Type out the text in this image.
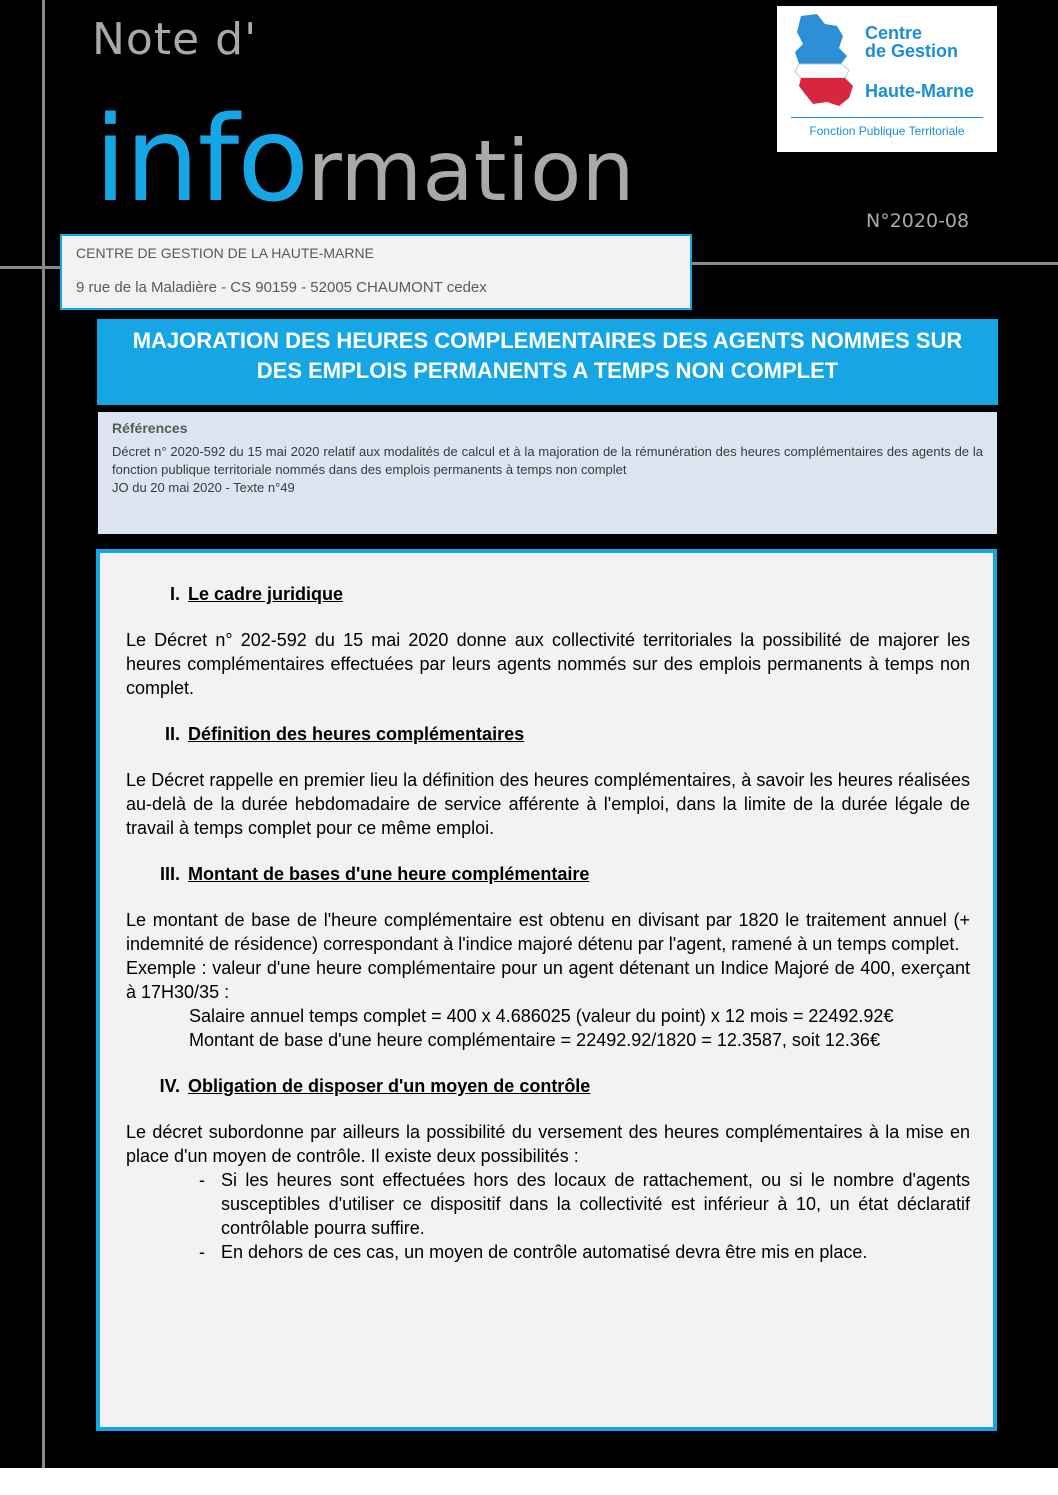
Note d'
information
N°2020-08
Centre
de Gestion
Haute-Marne
Fonction Publique Territoriale
CENTRE DE GESTION DE LA HAUTE-MARNE
9 rue de la Maladière - CS 90159 - 52005 CHAUMONT cedex
MAJORATION DES HEURES COMPLEMENTAIRES DES AGENTS NOMMES SUR
DES EMPLOIS PERMANENTS A TEMPS NON COMPLET
Références
Décret n° 2020-592 du 15 mai 2020 relatif aux modalités de calcul et à la majoration de la rémunération des heures complémentaires des agents de la fonction publique territoriale nommés dans des emplois permanents à temps non complet
JO du 20 mai 2020 - Texte n°49
I. Le cadre juridique
Le Décret n° 202-592 du 15 mai 2020 donne aux collectivité territoriales la possibilité de majorer les heures complémentaires effectuées par leurs agents nommés sur des emplois permanents à temps non complet.
II. Définition des heures complémentaires
Le Décret rappelle en premier lieu la définition des heures complémentaires, à savoir les heures réalisées au-delà de la durée hebdomadaire de service afférente à l'emploi, dans la limite de la durée légale de travail à temps complet pour ce même emploi.
III. Montant de bases d'une heure complémentaire
Le montant de base de l'heure complémentaire est obtenu en divisant par 1820 le traitement annuel (+ indemnité de résidence) correspondant à l'indice majoré détenu par l'agent, ramené à un temps complet.
Exemple : valeur d'une heure complémentaire pour un agent détenant un Indice Majoré de 400, exerçant à 17H30/35 :
Salaire annuel temps complet = 400 x 4.686025 (valeur du point) x 12 mois = 22492.92€
Montant de base d'une heure complémentaire = 22492.92/1820 = 12.3587, soit 12.36€
IV. Obligation de disposer d'un moyen de contrôle
Le décret subordonne par ailleurs la possibilité du versement des heures complémentaires à la mise en place d'un moyen de contrôle. Il existe deux possibilités :
- Si les heures sont effectuées hors des locaux de rattachement, ou si le nombre d'agents susceptibles d'utiliser ce dispositif dans la collectivité est inférieur à 10, un état déclaratif contrôlable pourra suffire.
- En dehors de ces cas, un moyen de contrôle automatisé devra être mis en place.
